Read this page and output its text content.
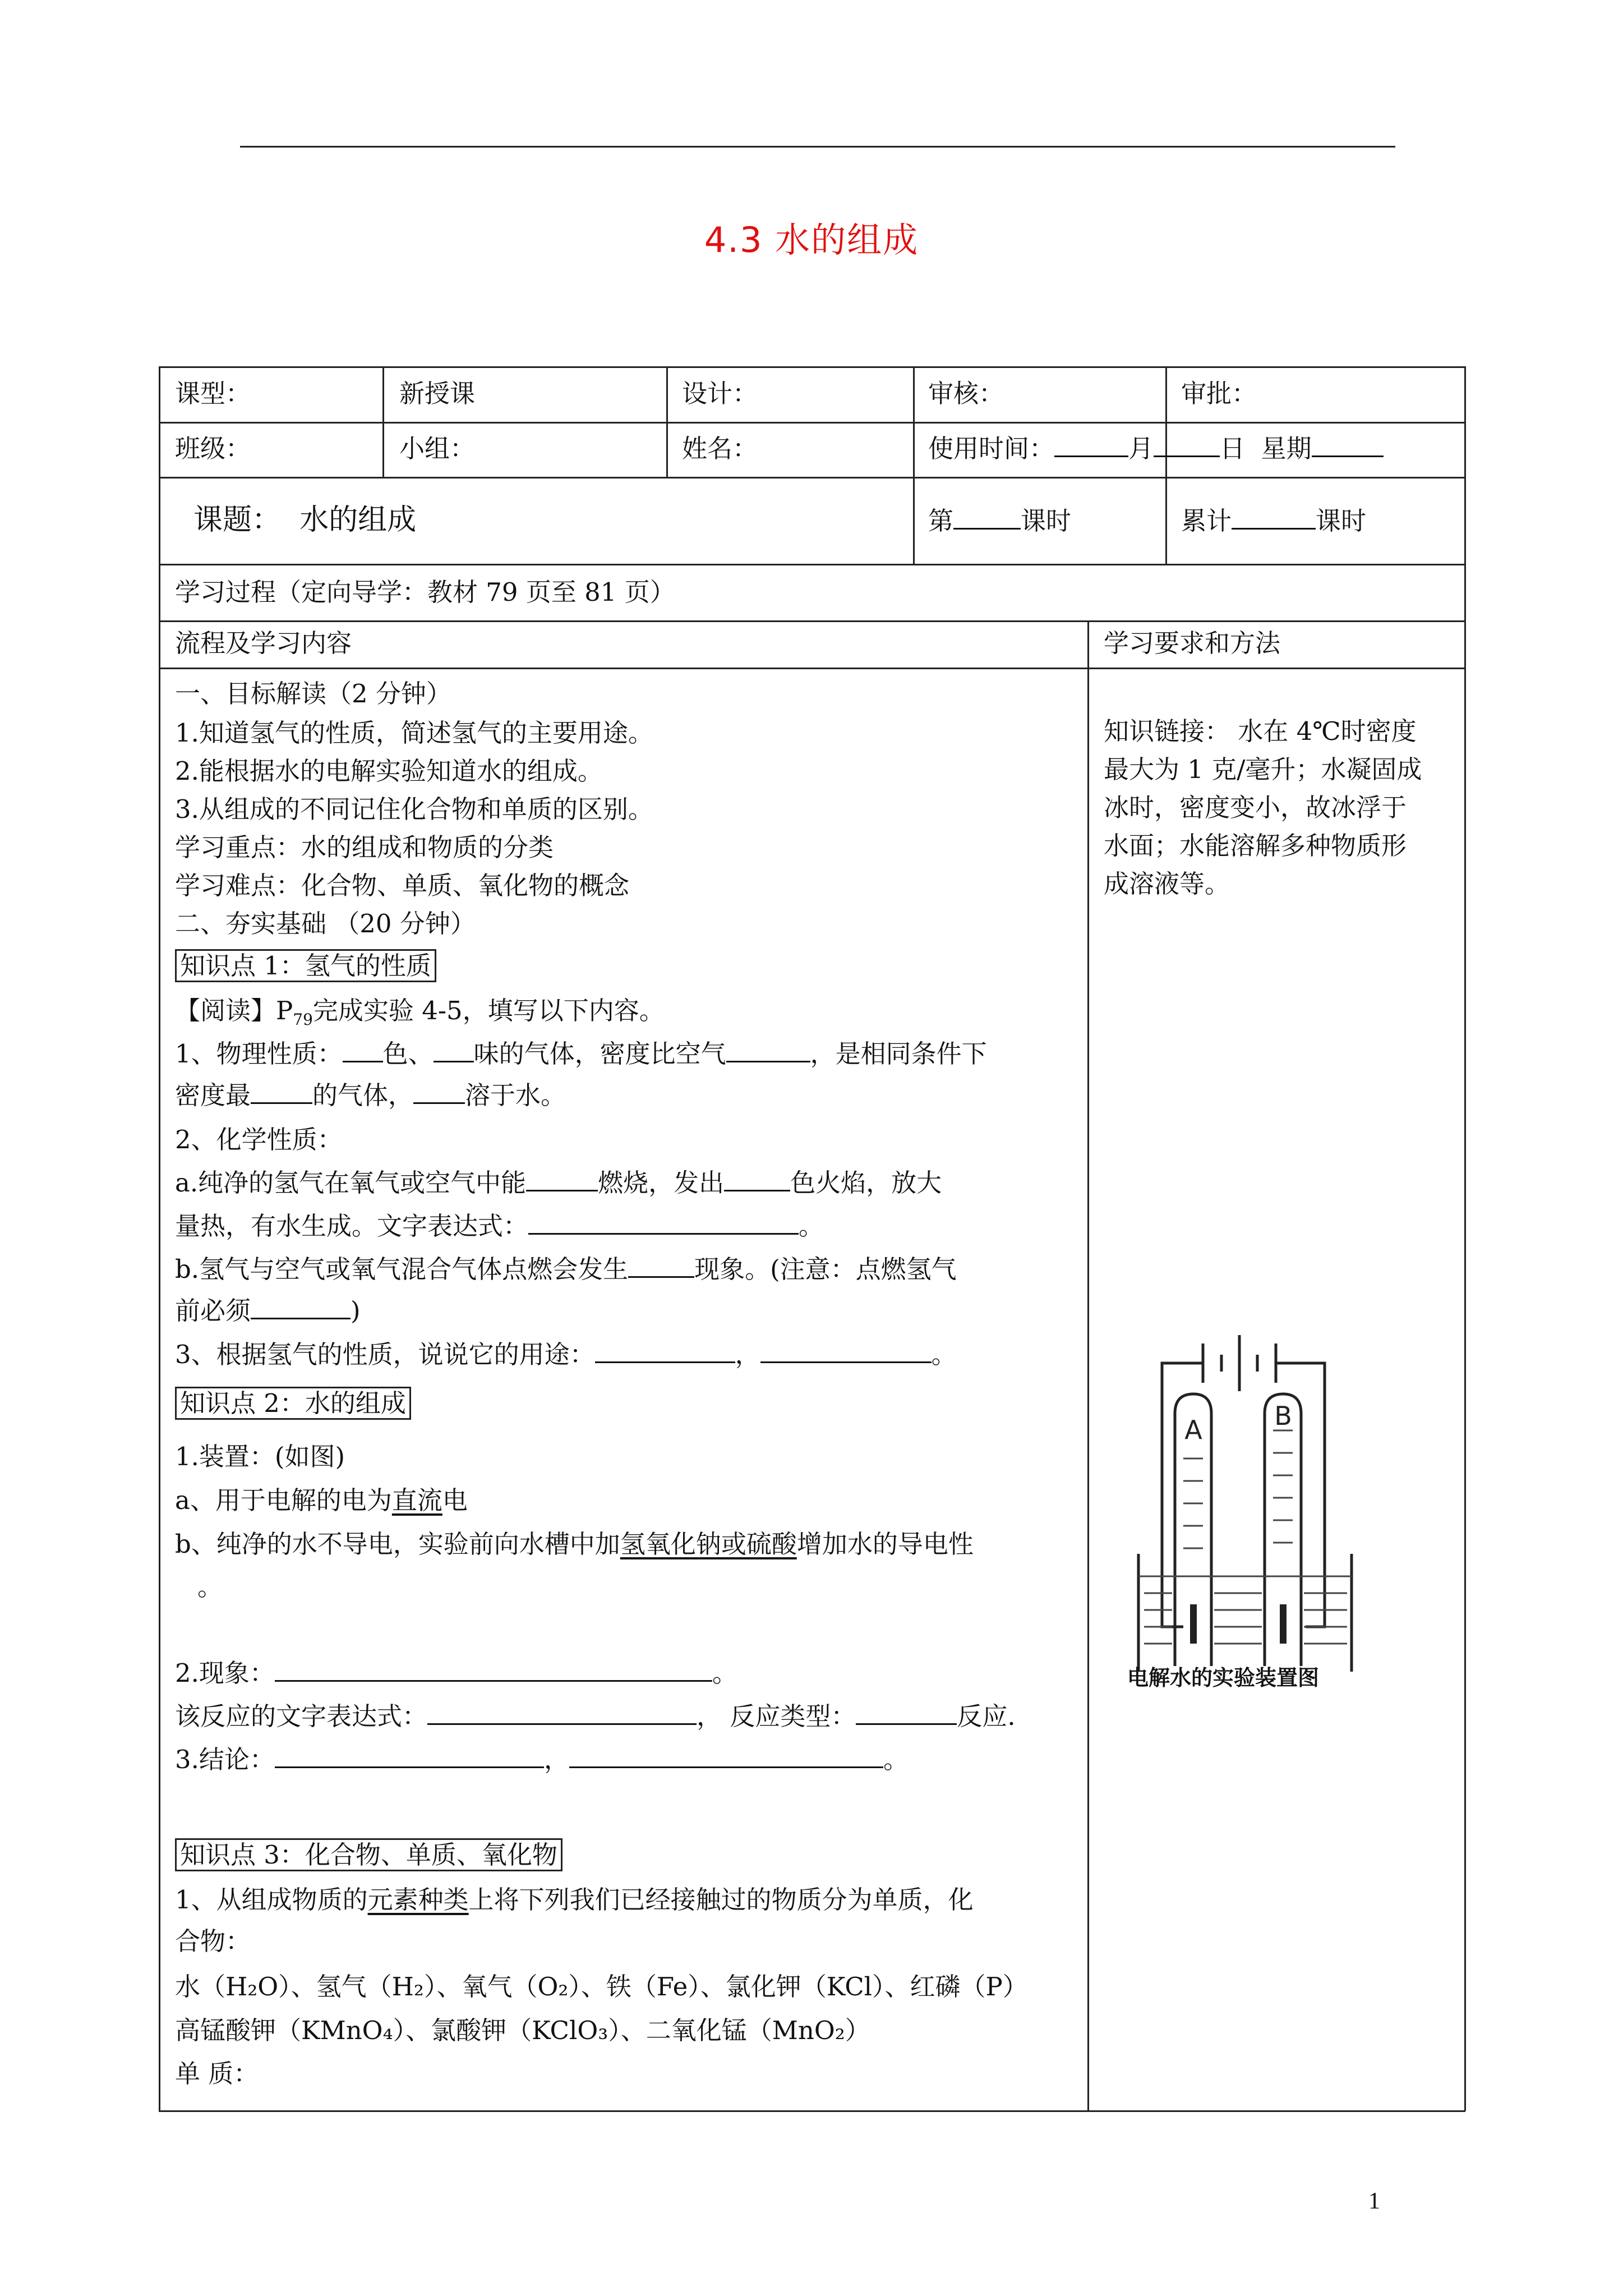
4.3 水的组成
课型：	新授课	设计：	审核：	审批：
班级：	小组：	姓名：	使用时间：	月	日 星期
课题： 水的组成	第	课时	累计	课时
学习过程（定向导学：教材 79 页至 81 页）
流程及学习内容	学习要求和方法
一、目标解读（2 分钟）
1.知道氢气的性质，简述氢气的主要用途。
2.能根据水的电解实验知道水的组成。
3.从组成的不同记住化合物和单质的区别。
学习重点：水的组成和物质的分类
学习难点：化合物、单质、氧化物的概念
二、夯实基础 （20 分钟）
知识点 1：氢气的性质
【阅读】$P_{79}$完成实验 4-5，填写以下内容。
1、物理性质： 色、 味的气体，密度比空气	，是相同条件下
密度最 的气体， 溶于水。
2、化学性质：
a.纯净的氢气在氧气或空气中能	燃烧，发出	色火焰，放大
量热，有水生成。文字表达式：	。
b.氢气与空气或氧气混合气体点燃会发生	现象。(注意：点燃氢气
前必须	)
3、根据氢气的性质，说说它的用途：	，	。
知识点 2：水的组成
1.装置：(如图)
a、用于电解的电为直流电
b、纯净的水不导电，实验前向水槽中加氢氧化钠或硫酸增加水的导电性
。
2.现象：	。
该反应的文字表达式：	， 反应类型：	反应.
3.结论：	，	。
知识点 3：化合物、单质、氧化物
1、从组成物质的元素种类上将下列我们已经接触过的物质分为单质，化
合物：
水（H₂O）、氢气（H₂）、氧气（O₂）、铁（Fe）、氯化钾（KCl）、红磷（P）
高锰酸钾（KMnO₄）、氯酸钾（KClO₃）、二氧化锰（MnO₂）
单 质：
知识链接： 水在 4℃时密度
最大为 1 克/毫升；水凝固成
冰时，密度变小，故冰浮于
水面；水能溶解多种物质形
成溶液等。
A	B
电解水的实验装置图
1
